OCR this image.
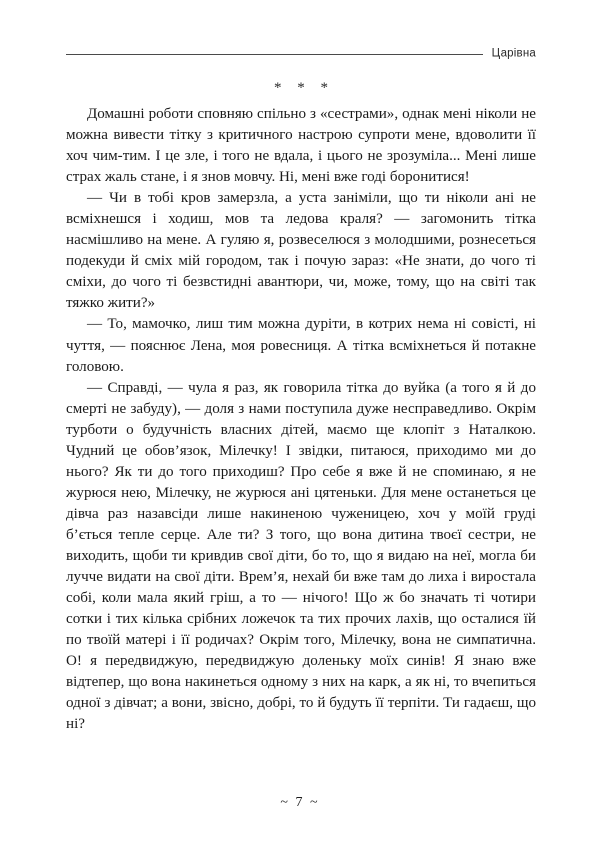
Царівна
* * *

Домашні роботи сповняю спільно з «сестрами», однак мені ніколи не можна вивести тітку з критичного настрою супроти мене, вдоволити її хоч чим-тим. І це зле, і того не вдала, і цього не зрозуміла... Мені лише страх жаль стане, і я знов мовчу. Ні, мені вже годі боронитися!

— Чи в тобі кров замерзла, а уста заніміли, що ти ніколи ані не всміхнешся і ходиш, мов та ледова краля? — загомонить тітка насмішливо на мене. А гуляю я, розвеселюся з молодшими, рознесеться подекуди й сміх мій городом, так і почую зараз: «Не знати, до чого ті сміхи, до чого ті безвстидні авантюри, чи, може, тому, що на світі так тяжко жити?»

— То, мамочко, лиш тим можна дуріти, в котрих нема ні совісті, ні чуття, — пояснює Лена, моя ровесниця. А тітка всміхнеться й потакне головою.

— Справді, — чула я раз, як говорила тітка до вуйка (а того я й до смерті не забуду), — доля з нами поступила дуже несправедливо. Окрім турботи о будучність власних дітей, маємо ще клопіт з Наталкою. Чудний це обов’язок, Мілечку! І звідки, питаюся, приходимо ми до нього? Як ти до того приходиш? Про себе я вже й не споминаю, я не журюся нею, Мілечку, не журюся ані цятеньки. Для мене останеться це дівча раз назавсіди лише накиненою чуженицею, хоч у моїй груді б’ється тепле серце. Але ти? З того, що вона дитина твоєї сестри, не виходить, щоби ти кривдив свої діти, бо то, що я видаю на неї, могла би лучче видати на свої діти. Врем’я, нехай би вже там до лиха і виростала собі, коли мала який гріш, а то — нічого! Що ж бо значать ті чотири сотки і тих кілька срібних ложечок та тих прочих лахів, що осталися їй по твоїй матері і її родичах? Окрім того, Мілечку, вона не симпатична. О! я передвиджую, передвиджую доленьку моїх синів! Я знаю вже відтепер, що вона накинеться одному з них на карк, а як ні, то вчепиться одної з дівчат; а вони, звісно, добрі, то й будуть її терпіти. Ти гадаєш, що ні?

~ 7 ~
